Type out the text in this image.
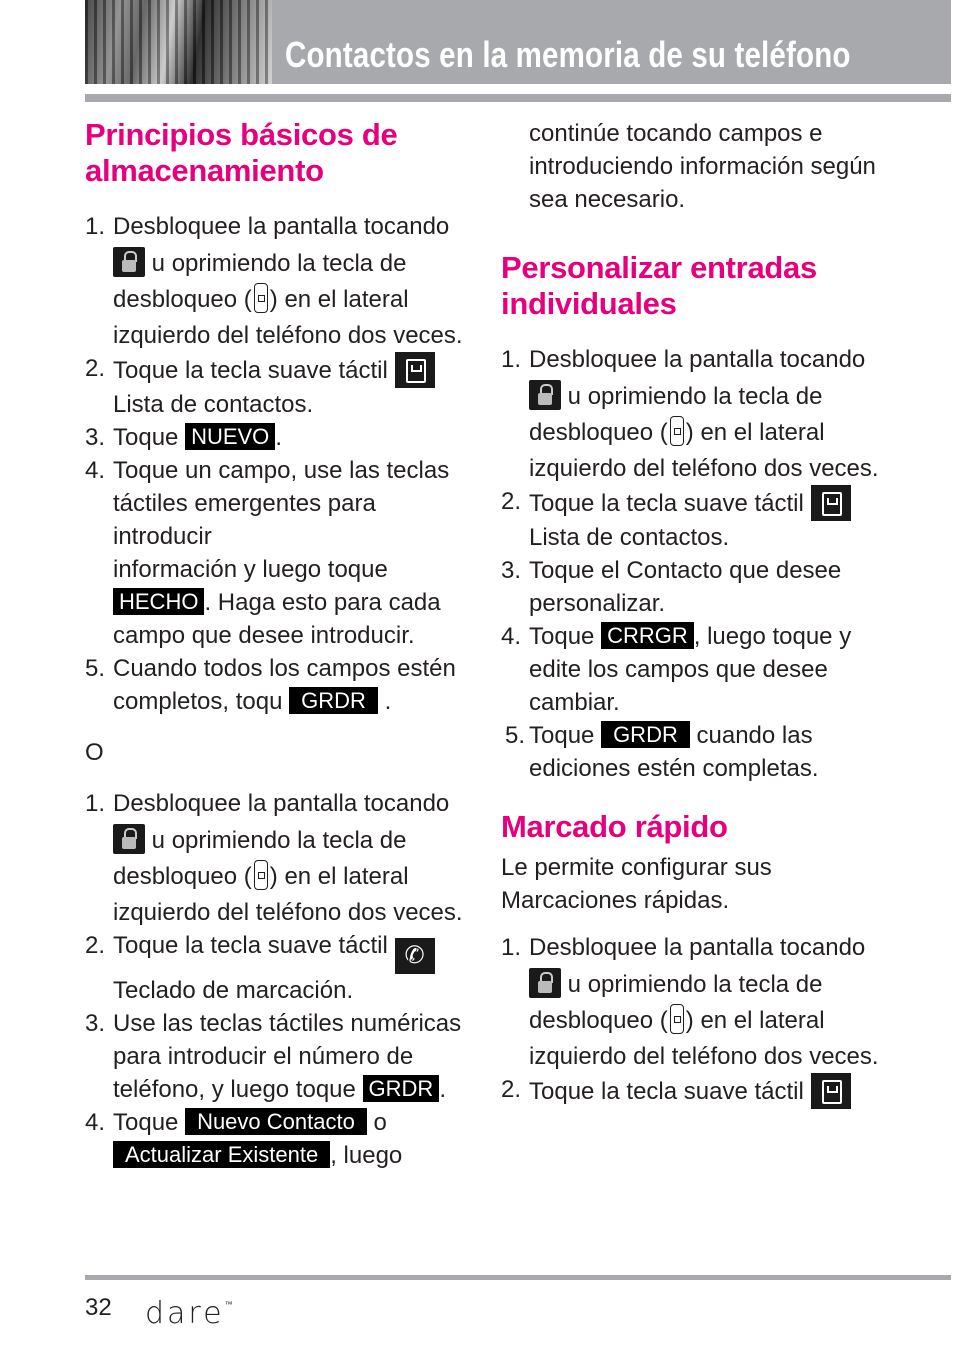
Contactos en la memoria de su teléfono
Principios básicos de almacenamiento
1. Desbloquee la pantalla tocando
u oprimiendo la tecla de
desbloqueo ( ) en el lateral
izquierdo del teléfono dos veces.
2. Toque la tecla suave táctil
Lista de contactos.
3. Toque NUEVO .
4. Toque un campo, use las teclas
táctiles emergentes para introducir
información y luego toque
HECHO . Haga esto para cada
campo que desee introducir.
5. Cuando todos los campos estén
completos, toqu GRDR .
O
1. Desbloquee la pantalla tocando
u oprimiendo la tecla de
desbloqueo ( ) en el lateral
izquierdo del teléfono dos veces.
2. Toque la tecla suave táctil ✆
Teclado de marcación.
3. Use las teclas táctiles numéricas
para introducir el número de
teléfono, y luego toque GRDR .
4. Toque Nuevo Contacto o
Actualizar Existente , luego
continúe tocando campos e
introduciendo información según
sea necesario.
Personalizar entradas individuales
1. Desbloquee la pantalla tocando
u oprimiendo la tecla de
desbloqueo ( ) en el lateral
izquierdo del teléfono dos veces.
2. Toque la tecla suave táctil
Lista de contactos.
3. Toque el Contacto que desee
personalizar.
4. Toque CRRGR , luego toque y
edite los campos que desee
cambiar.
5. Toque GRDR cuando las
ediciones estén completas.
Marcado rápido
Le permite configurar sus
Marcaciones rápidas.
1. Desbloquee la pantalla tocando
u oprimiendo la tecla de
desbloqueo ( ) en el lateral
izquierdo del teléfono dos veces.
2. Toque la tecla suave táctil
32 dare™
